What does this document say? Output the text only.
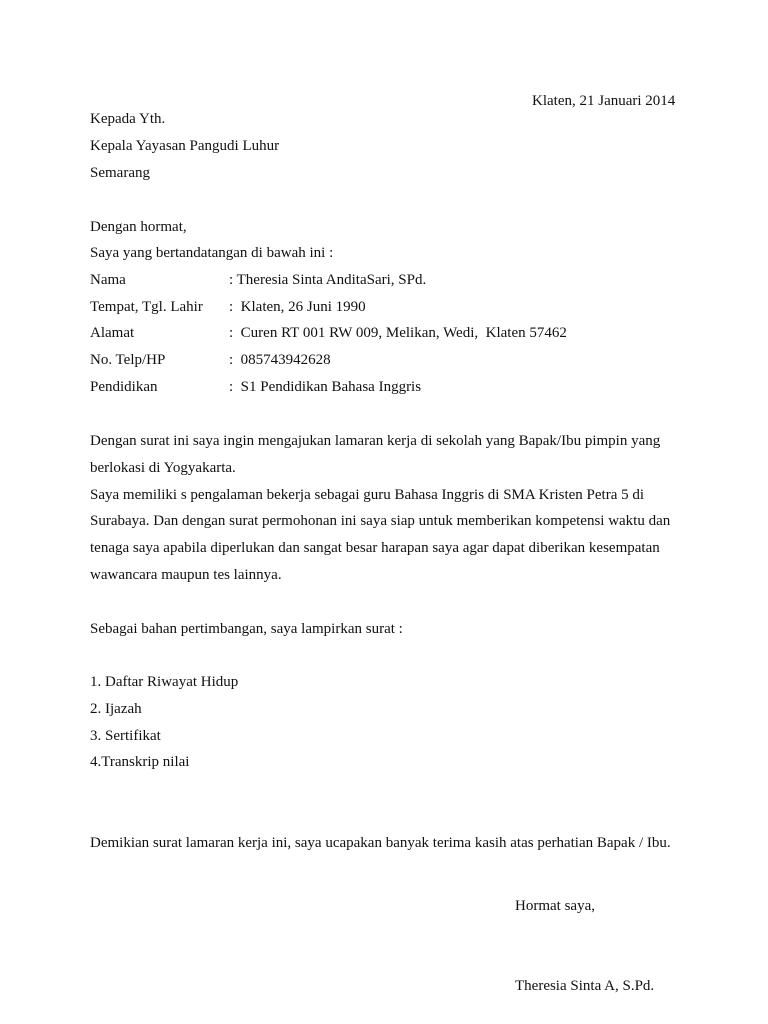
Klaten, 21 Januari 2014
Kepada Yth.
Kepala Yayasan Pangudi Luhur
Semarang
Dengan hormat,
Saya yang bertandatangan di bawah ini :
Nama	: Theresia Sinta AnditaSari, SPd.
Tempat, Tgl. Lahir :  Klaten, 26 Juni 1990
Alamat	:  Curen RT 001 RW 009, Melikan, Wedi,  Klaten 57462
No. Telp/HP	:  085743942628
Pendidikan	:  S1 Pendidikan Bahasa Inggris
Dengan surat ini saya ingin mengajukan lamaran kerja di sekolah yang Bapak/Ibu pimpin yang
berlokasi di Yogyakarta.
Saya memiliki s pengalaman bekerja sebagai guru Bahasa Inggris di SMA Kristen Petra 5 di
Surabaya. Dan dengan surat permohonan ini saya siap untuk memberikan kompetensi waktu dan
tenaga saya apabila diperlukan dan sangat besar harapan saya agar dapat diberikan kesempatan
wawancara maupun tes lainnya.
Sebagai bahan pertimbangan, saya lampirkan surat :
1. Daftar Riwayat Hidup
2. Ijazah
3. Sertifikat
4.Transkrip nilai
Demikian surat lamaran kerja ini, saya ucapakan banyak terima kasih atas perhatian Bapak / Ibu.
Hormat saya,
Theresia Sinta A, S.Pd.
